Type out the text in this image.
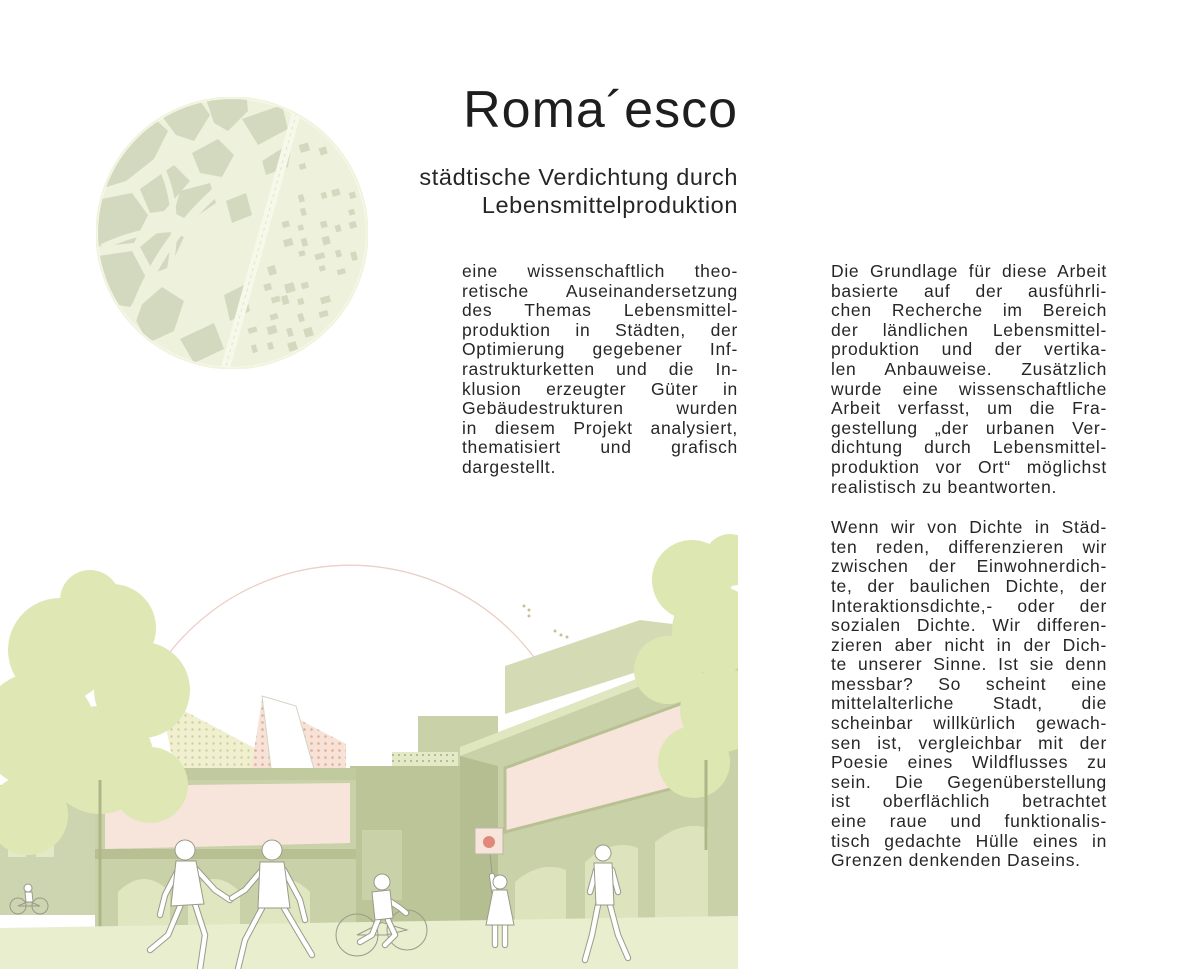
Roma´esco
städtische Verdichtung durch
Lebensmittelproduktion

eine wissenschaftlich theo-
retische Auseinandersetzung
des Themas Lebensmittel-
produktion in Städten, der
Optimierung gegebener Inf-
rastrukturketten und die In-
klusion erzeugter Güter in
Gebäudestrukturen wurden
in diesem Projekt analysiert,
thematisiert und grafisch
dargestellt.

Die Grundlage für diese Arbeit
basierte auf der ausführli-
chen Recherche im Bereich
der ländlichen Lebensmittel-
produktion und der vertika-
len Anbauweise. Zusätzlich
wurde eine wissenschaftliche
Arbeit verfasst, um die Fra-
gestellung „der urbanen Ver-
dichtung durch Lebensmittel-
produktion vor Ort“ möglichst
realistisch zu beantworten.

Wenn wir von Dichte in Städ-
ten reden, differenzieren wir
zwischen der Einwohnerdich-
te, der baulichen Dichte, der
Interaktionsdichte,- oder der
sozialen Dichte. Wir differen-
zieren aber nicht in der Dich-
te unserer Sinne. Ist sie denn
messbar? So scheint eine
mittelalterliche Stadt, die
scheinbar willkürlich gewach-
sen ist, vergleichbar mit der
Poesie eines Wildflusses zu
sein. Die Gegenüberstellung
ist oberflächlich betrachtet
eine raue und funktionalis-
tisch gedachte Hülle eines in
Grenzen denkenden Daseins.
